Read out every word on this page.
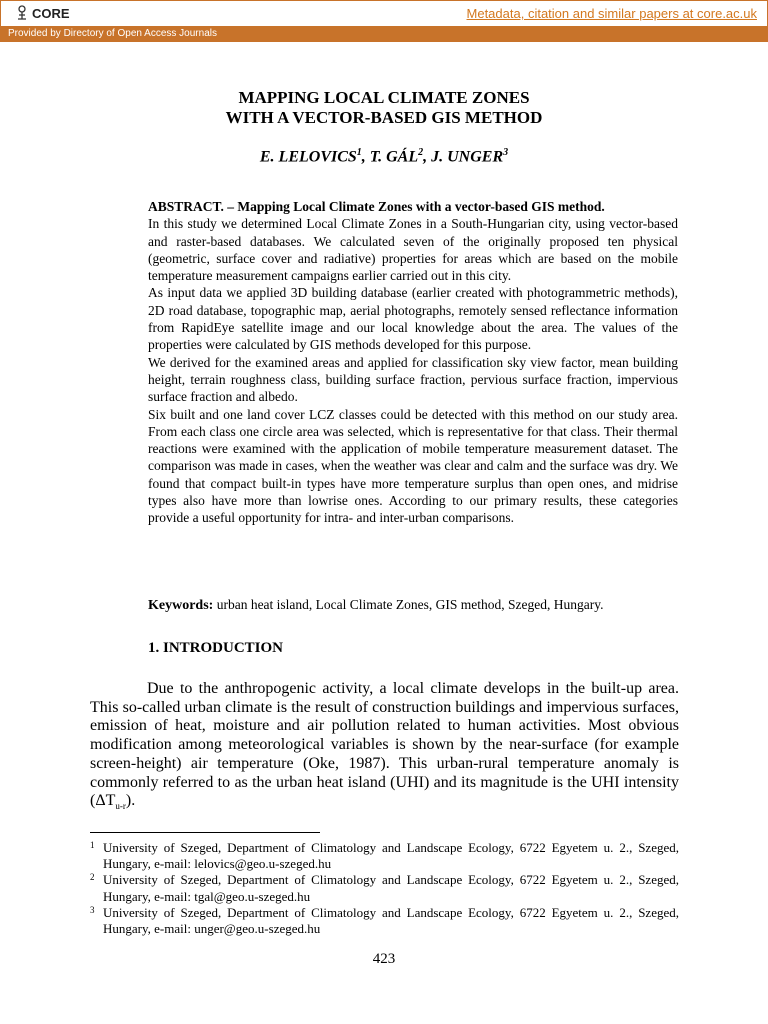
CORE	Metadata, citation and similar papers at core.ac.uk
Provided by Directory of Open Access Journals
MAPPING LOCAL CLIMATE ZONES
WITH A VECTOR-BASED GIS METHOD
E. LELOVICS$^1$, T. GÁL$^2$, J. UNGER$^3$

ABSTRACT. – Mapping Local Climate Zones with a vector-based GIS method.

In this study we determined Local Climate Zones in a South-Hungarian city, using vector-based and raster-based databases. We calculated seven of the originally proposed ten physical (geometric, surface cover and radiative) properties for areas which are based on the mobile temperature measurement campaigns earlier carried out in this city.

As input data we applied 3D building database (earlier created with photogrammetric methods), 2D road database, topographic map, aerial photographs, remotely sensed reflectance information from RapidEye satellite image and our local knowledge about the area. The values of the properties were calculated by GIS methods developed for this purpose.

We derived for the examined areas and applied for classification sky view factor, mean building height, terrain roughness class, building surface fraction, pervious surface fraction, impervious surface fraction and albedo.

Six built and one land cover LCZ classes could be detected with this method on our study area. From each class one circle area was selected, which is representative for that class. Their thermal reactions were examined with the application of mobile temperature measurement dataset. The comparison was made in cases, when the weather was clear and calm and the surface was dry. We found that compact built-in types have more temperature surplus than open ones, and midrise types also have more than lowrise ones. According to our primary results, these categories provide a useful opportunity for intra- and inter-urban comparisons.

Keywords: urban heat island, Local Climate Zones, GIS method, Szeged, Hungary.
1. INTRODUCTION

Due to the anthropogenic activity, a local climate develops in the built-up area. This so-called urban climate is the result of construction buildings and impervious surfaces, emission of heat, moisture and air pollution related to human activities. Most obvious modification among meteorological variables is shown by the near-surface (for example screen-height) air temperature (Oke, 1987). This urban-rural temperature anomaly is commonly referred to as the urban heat island (UHI) and its magnitude is the UHI intensity $(\Delta T_{u-r})$.

1 University of Szeged, Department of Climatology and Landscape Ecology, 6722 Egyetem u. 2., Szeged, Hungary, e-mail: lelovics@geo.u-szeged.hu

2 University of Szeged, Department of Climatology and Landscape Ecology, 6722 Egyetem u. 2., Szeged, Hungary, e-mail: tgal@geo.u-szeged.hu

3 University of Szeged, Department of Climatology and Landscape Ecology, 6722 Egyetem u. 2., Szeged, Hungary, e-mail: unger@geo.u-szeged.hu

423
